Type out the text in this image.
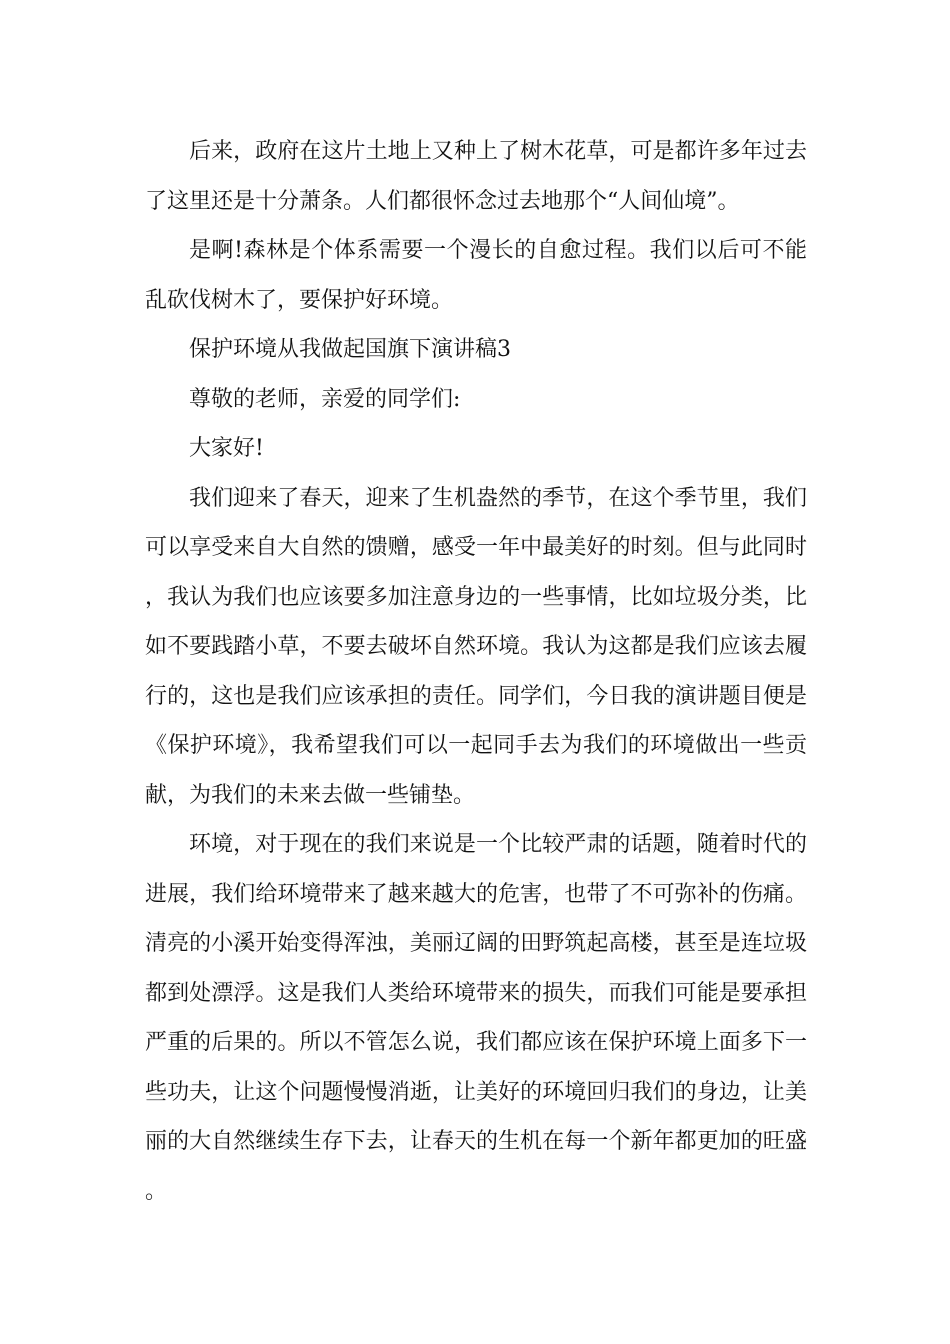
后来，政府在这片土地上又种上了树木花草，可是都许多年过去了这里还是十分萧条。人们都很怀念过去地那个“人间仙境”。

是啊!森林是个体系需要一个漫长的自愈过程。我们以后可不能乱砍伐树木了，要保护好环境。

保护环境从我做起国旗下演讲稿3

尊敬的老师，亲爱的同学们:

大家好!

我们迎来了春天，迎来了生机盎然的季节，在这个季节里，我们可以享受来自大自然的馈赠，感受一年中最美好的时刻。但与此同时，我认为我们也应该要多加注意身边的一些事情，比如垃圾分类，比如不要践踏小草，不要去破坏自然环境。我认为这都是我们应该去履行的，这也是我们应该承担的责任。同学们，今日我的演讲题目便是《保护环境》，我希望我们可以一起同手去为我们的环境做出一些贡献，为我们的未来去做一些铺垫。

环境，对于现在的我们来说是一个比较严肃的话题，随着时代的进展，我们给环境带来了越来越大的危害，也带了不可弥补的伤痛。清亮的小溪开始变得浑浊，美丽辽阔的田野筑起高楼，甚至是连垃圾都到处漂浮。这是我们人类给环境带来的损失，而我们可能是要承担严重的后果的。所以不管怎么说，我们都应该在保护环境上面多下一些功夫，让这个问题慢慢消逝，让美好的环境回归我们的身边，让美丽的大自然继续生存下去，让春天的生机在每一个新年都更加的旺盛。
